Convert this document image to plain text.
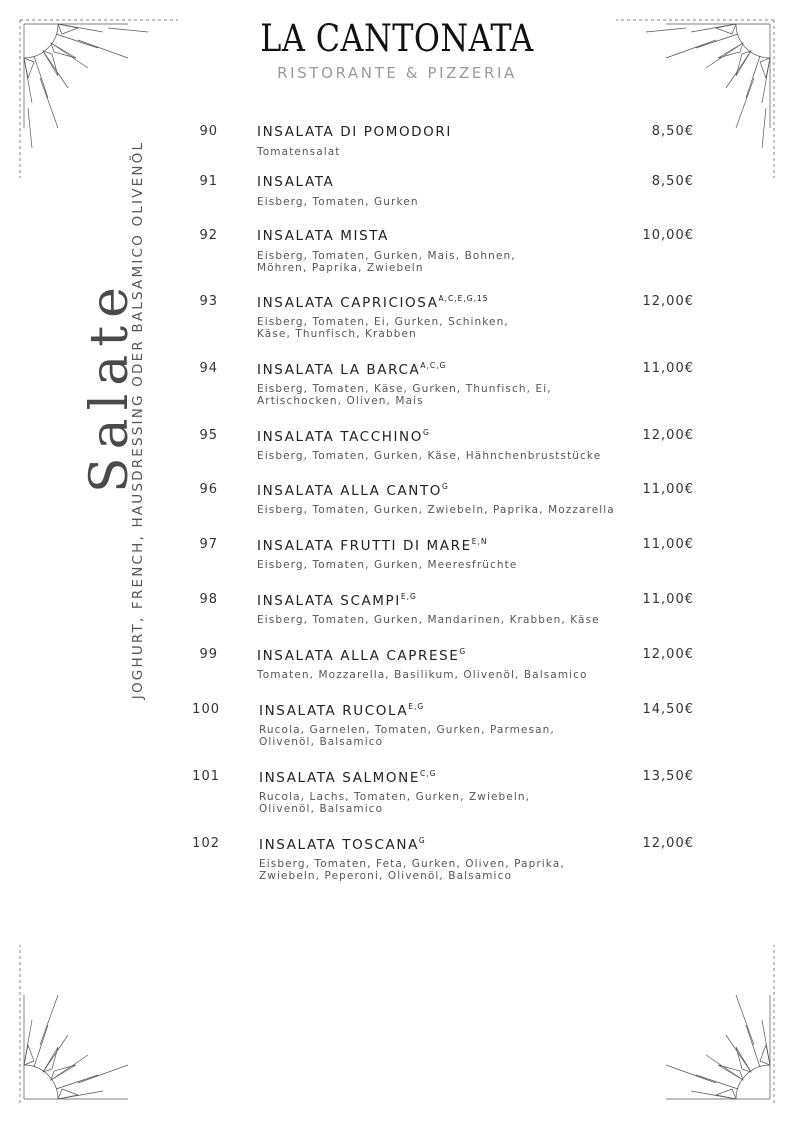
LA CANTONATA
RISTORANTE & PIZZERIA
Salate
JOGHURT, FRENCH, HAUSDRESSING ODER BALSAMICO OLIVENÖL
90	INSALATA DI POMODORI
Tomatensalat
8,50€
91	INSALATA
Eisberg, Tomaten, Gurken
8,50€
92	INSALATA MISTA
Eisberg, Tomaten, Gurken, Mais, Bohnen,
Möhren, Paprika, Zwiebeln
10,00€
93	INSALATA $CAPRICIOSA^{A,C,E,G,15}$
Eisberg, Tomaten, Ei, Gurken, Schinken,
Käse, Thunfisch, Krabben
12,00€
94	INSALATA LA $BARCA^{A,C,G}$
Eisberg, Tomaten, Käse, Gurken, Thunfisch, Ei,
Artischocken, Oliven, Mais
11,00€
95	INSALATA $TACCHINO^G$
Eisberg, Tomaten, Gurken, Käse, Hähnchenbruststücke
12,00€
96	INSALATA ALLA $CANTO^G$
Eisberg, Tomaten, Gurken, Zwiebeln, Paprika, Mozzarella
11,00€
97	INSALATA FRUTTI DI $MARE^{E,N}$
Eisberg, Tomaten, Gurken, Meeresfrüchte
11,00€
98	INSALATA $SCAMPI^{E,G}$
Eisberg, Tomaten, Gurken, Mandarinen, Krabben, Käse
11,00€
99	INSALATA ALLA $CAPRESE^G$
Tomaten, Mozzarella, Basilikum, Olivenöl, Balsamico
12,00€
100	INSALATA $RUCOLA^{E,G}$
Rucola, Garnelen, Tomaten, Gurken, Parmesan,
Olivenöl, Balsamico
14,50€
101	INSALATA $SALMONE^{C,G}$
Rucola, Lachs, Tomaten, Gurken, Zwiebeln,
Olivenöl, Balsamico
13,50€
102	INSALATA $TOSCANA^G$
Eisberg, Tomaten, Feta, Gurken, Oliven, Paprika,
Zwiebeln, Peperoni, Olivenöl, Balsamico
12,00€
